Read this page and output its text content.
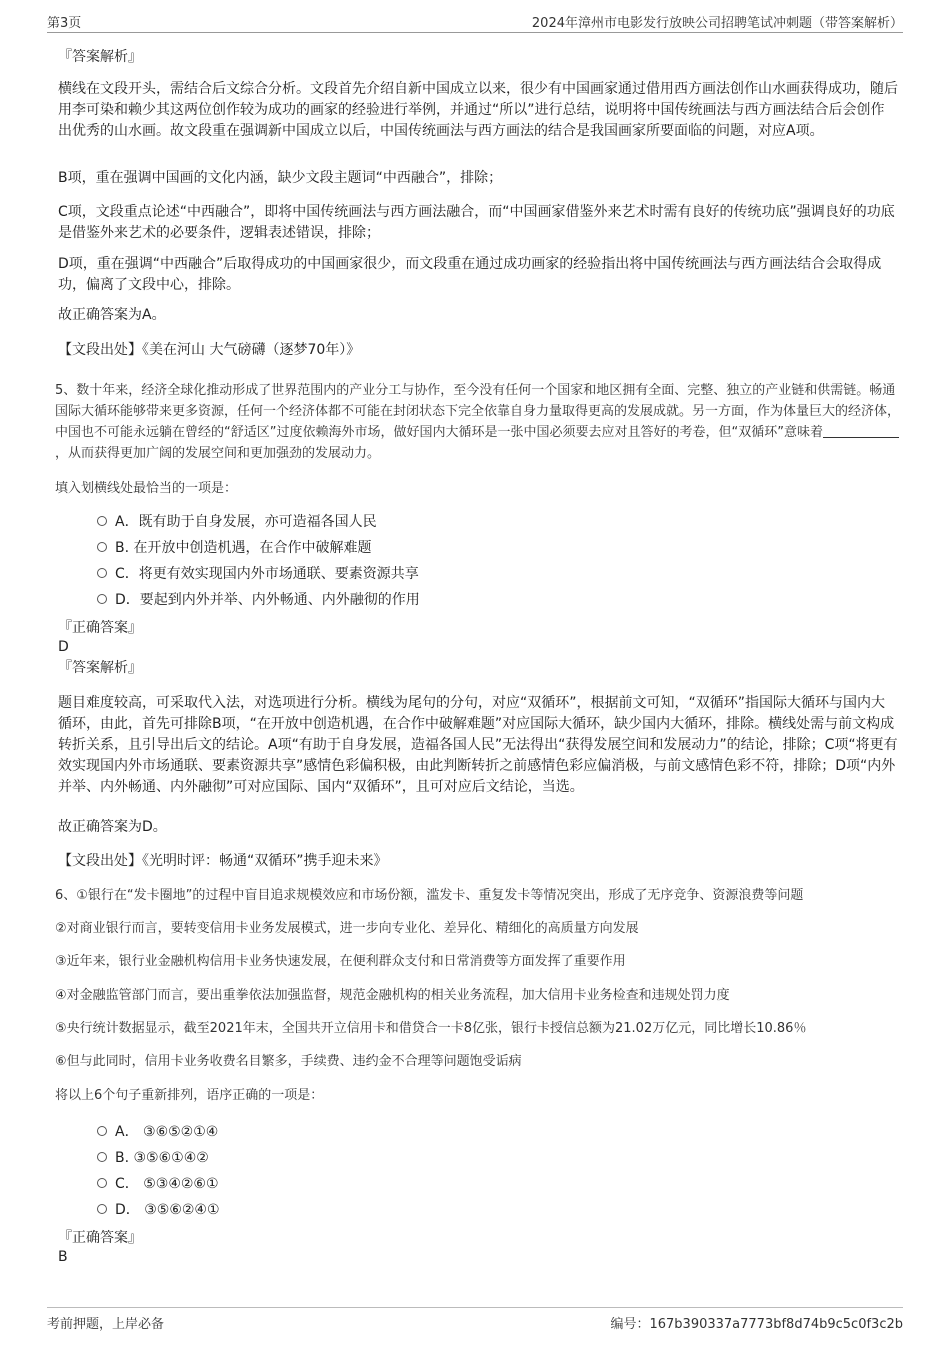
第3页	2024年漳州市电影发行放映公司招聘笔试冲刺题（带答案解析）
『答案解析』
横线在文段开头，需结合后文综合分析。文段首先介绍自新中国成立以来，很少有中国画家通过借用西方画法创作山水画获得成功，随后用李可染和赖少其这两位创作较为成功的画家的经验进行举例，并通过“所以”进行总结，说明将中国传统画法与西方画法结合后会创作出优秀的山水画。故文段重在强调新中国成立以后，中国传统画法与西方画法的结合是我国画家所要面临的问题，对应A项。
B项，重在强调中国画的文化内涵，缺少文段主题词“中西融合”，排除；
C项，文段重点论述“中西融合”，即将中国传统画法与西方画法融合，而“中国画家借鉴外来艺术时需有良好的传统功底”强调良好的功底是借鉴外来艺术的必要条件，逻辑表述错误，排除；
D项，重在强调“中西融合”后取得成功的中国画家很少，而文段重在通过成功画家的经验指出将中国传统画法与西方画法结合会取得成功，偏离了文段中心，排除。
故正确答案为A。
【文段出处】《美在河山 大气磅礴（逐梦70年）》
5、数十年来，经济全球化推动形成了世界范围内的产业分工与协作，至今没有任何一个国家和地区拥有全面、完整、独立的产业链和供需链。畅通国际大循环能够带来更多资源，任何一个经济体都不可能在封闭状态下完全依靠自身力量取得更高的发展成就。另一方面，作为体量巨大的经济体，中国也不可能永远躺在曾经的“舒适区”过度依赖海外市场，做好国内大循环是一张中国必须要去应对且答好的考卷，但“双循环”意味着，从而获得更加广阔的发展空间和更加强劲的发展动力。
填入划横线处最恰当的一项是：
A．既有助于自身发展，亦可造福各国人民
B. 在开放中创造机遇，在合作中破解难题
C．将更有效实现国内外市场通联、要素资源共享
D．要起到内外并举、内外畅通、内外融彻的作用
『正确答案』
D
『答案解析』
题目难度较高，可采取代入法，对选项进行分析。横线为尾句的分句，对应“双循环”，根据前文可知，“双循环”指国际大循环与国内大循环，由此，首先可排除B项，“在开放中创造机遇，在合作中破解难题”对应国际大循环，缺少国内大循环，排除。横线处需与前文构成转折关系，且引导出后文的结论。A项“有助于自身发展，造福各国人民”无法得出“获得发展空间和发展动力”的结论，排除；C项“将更有效实现国内外市场通联、要素资源共享”感情色彩偏积极，由此判断转折之前感情色彩应偏消极，与前文感情色彩不符，排除；D项“内外并举、内外畅通、内外融彻”可对应国际、国内“双循环”，且可对应后文结论，当选。
故正确答案为D。
【文段出处】《光明时评：畅通“双循环”携手迎未来》
6、①银行在“发卡圈地”的过程中盲目追求规模效应和市场份额，滥发卡、重复发卡等情况突出，形成了无序竞争、资源浪费等问题
②对商业银行而言，要转变信用卡业务发展模式，进一步向专业化、差异化、精细化的高质量方向发展
③近年来，银行业金融机构信用卡业务快速发展，在便利群众支付和日常消费等方面发挥了重要作用
④对金融监管部门而言，要出重拳依法加强监督，规范金融机构的相关业务流程，加大信用卡业务检查和违规处罚力度
⑤央行统计数据显示，截至2021年末，全国共开立信用卡和借贷合一卡8亿张，银行卡授信总额为21.02万亿元，同比增长10.86％
⑥但与此同时，信用卡业务收费名目繁多，手续费、违约金不合理等问题饱受诟病
将以上6个句子重新排列，语序正确的一项是：
A． ③⑥⑤②①④
B. ③⑤⑥①④②
C． ⑤③④②⑥①
D． ③⑤⑥②④①
『正确答案』
B
考前押题，上岸必备	编号：167b390337a7773bf8d74b9c5c0f3c2b
